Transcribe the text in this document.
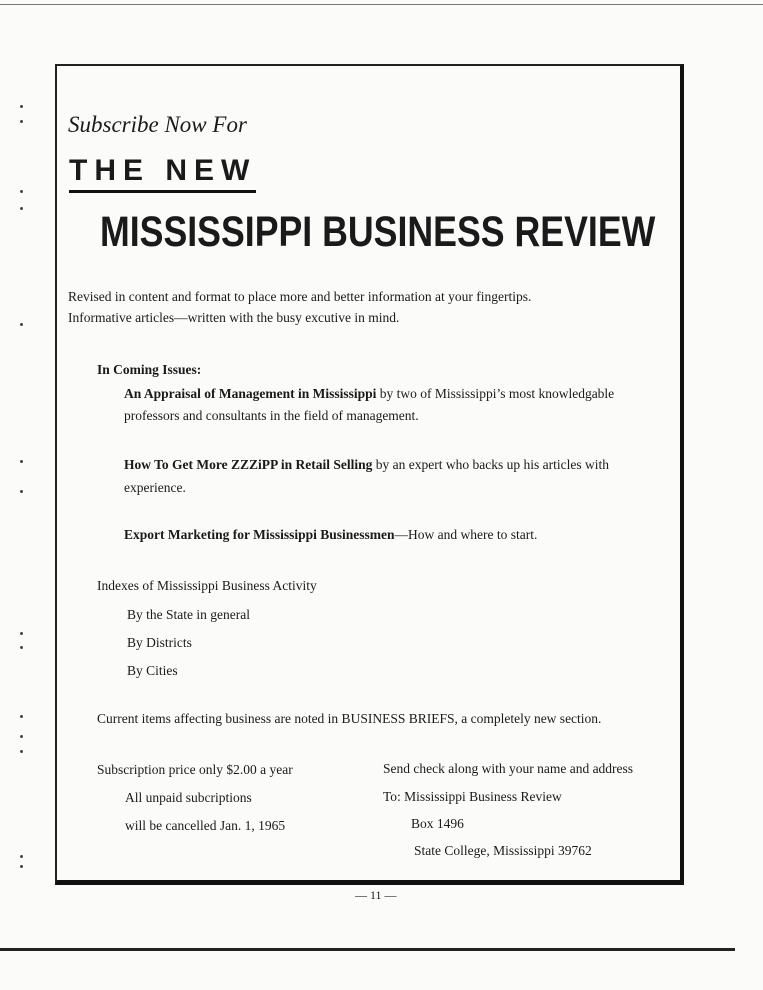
Subscribe Now For
THE NEW
MISSISSIPPI BUSINESS REVIEW
Revised in content and format to place more and better information at your fingertips.
Informative articles—written with the busy excutive in mind.
In Coming Issues:
An Appraisal of Management in Mississippi by two of Mississippi’s most knowledgable
professors and consultants in the field of management.
How To Get More ZZZiPP in Retail Selling by an expert who backs up his articles with
experience.
Export Marketing for Mississippi Businessmen—How and where to start.
Indexes of Mississippi Business Activity
By the State in general
By Districts
By Cities
Current items affecting business are noted in BUSINESS BRIEFS, a completely new section.
Subscription price only $2.00 a year
All unpaid subcriptions
will be cancelled Jan. 1, 1965
Send check along with your name and address
To: Mississippi Business Review
Box 1496
State College, Mississippi 39762
— 11 —
